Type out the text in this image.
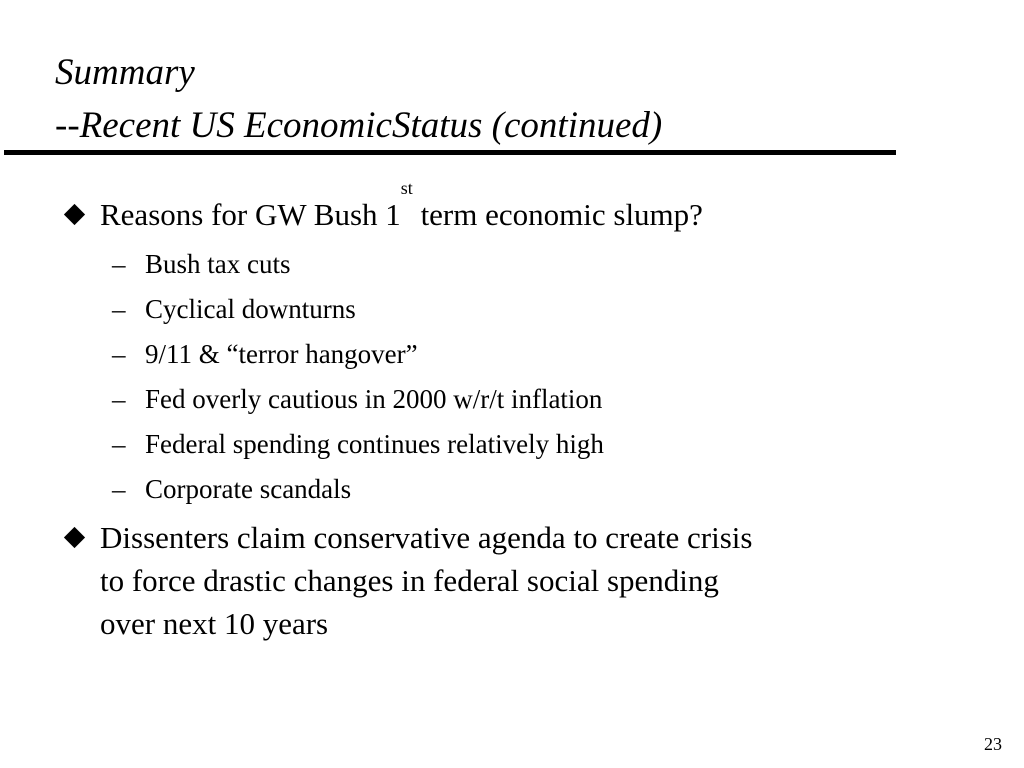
Summary
--Recent US EconomicStatus (continued)
Reasons for GW Bush 1st term economic slump?
– Bush tax cuts
– Cyclical downturns
– 9/11 & “terror hangover”
– Fed overly cautious in 2000 w/r/t inflation
– Federal spending continues relatively high
– Corporate scandals
Dissenters claim conservative agenda to create crisis
to force drastic changes in federal social spending
over next 10 years
23
